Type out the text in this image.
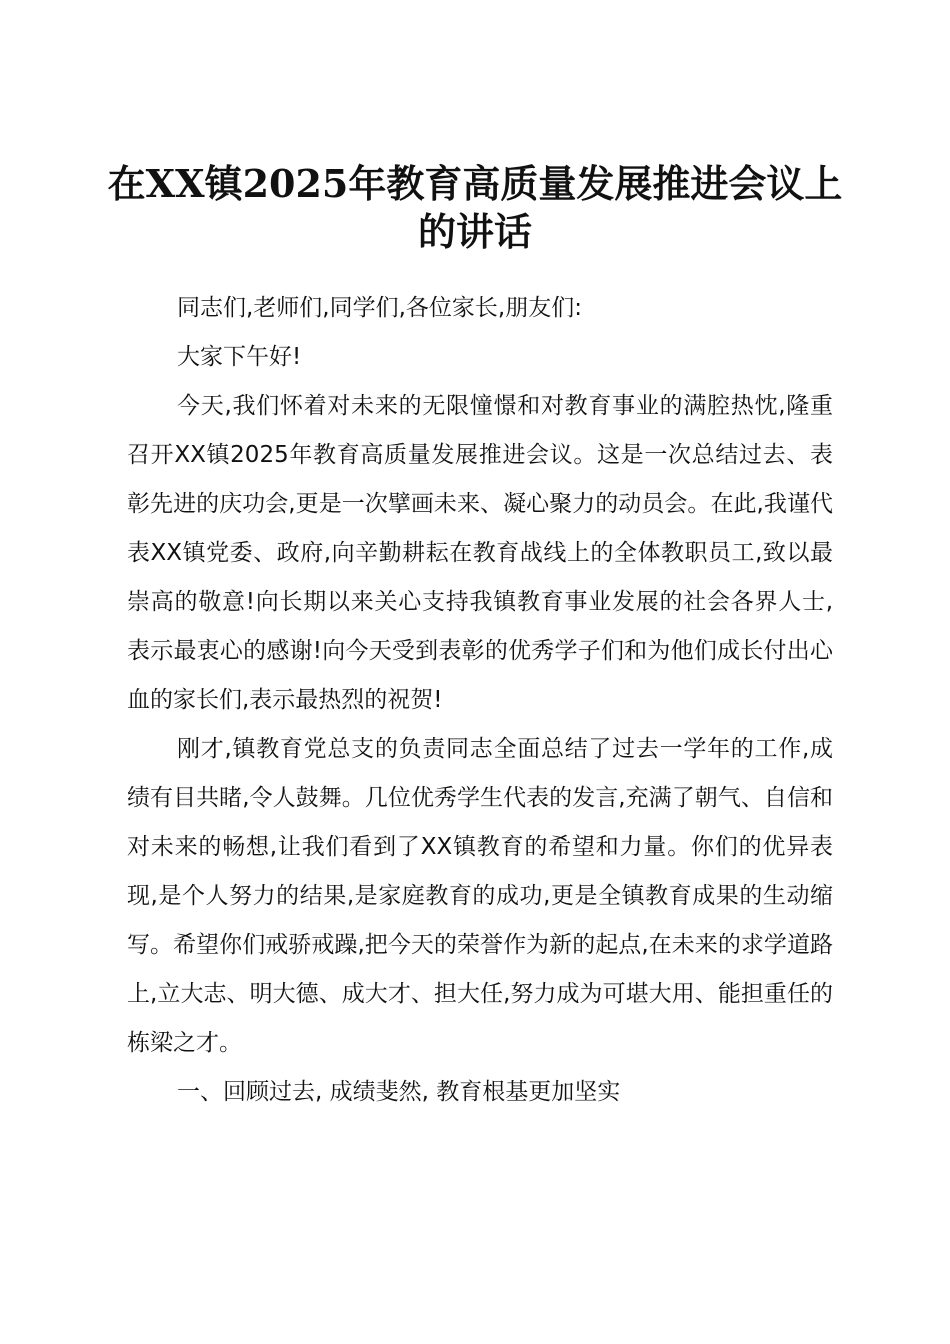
在XX镇2025年教育高质量发展推进会议上的讲话

同志们,老师们,同学们,各位家长,朋友们:

大家下午好!

今天,我们怀着对未来的无限憧憬和对教育事业的满腔热忱,隆重召开XX镇2025年教育高质量发展推进会议。这是一次总结过去、表彰先进的庆功会,更是一次擘画未来、凝心聚力的动员会。在此,我谨代表XX镇党委、政府,向辛勤耕耘在教育战线上的全体教职员工,致以最崇高的敬意!向长期以来关心支持我镇教育事业发展的社会各界人士,表示最衷心的感谢!向今天受到表彰的优秀学子们和为他们成长付出心血的家长们,表示最热烈的祝贺!

刚才,镇教育党总支的负责同志全面总结了过去一学年的工作,成绩有目共睹,令人鼓舞。几位优秀学生代表的发言,充满了朝气、自信和对未来的畅想,让我们看到了XX镇教育的希望和力量。你们的优异表现,是个人努力的结果,是家庭教育的成功,更是全镇教育成果的生动缩写。希望你们戒骄戒躁,把今天的荣誉作为新的起点,在未来的求学道路上,立大志、明大德、成大才、担大任,努力成为可堪大用、能担重任的栋梁之才。

一、回顾过去, 成绩斐然, 教育根基更加坚实
